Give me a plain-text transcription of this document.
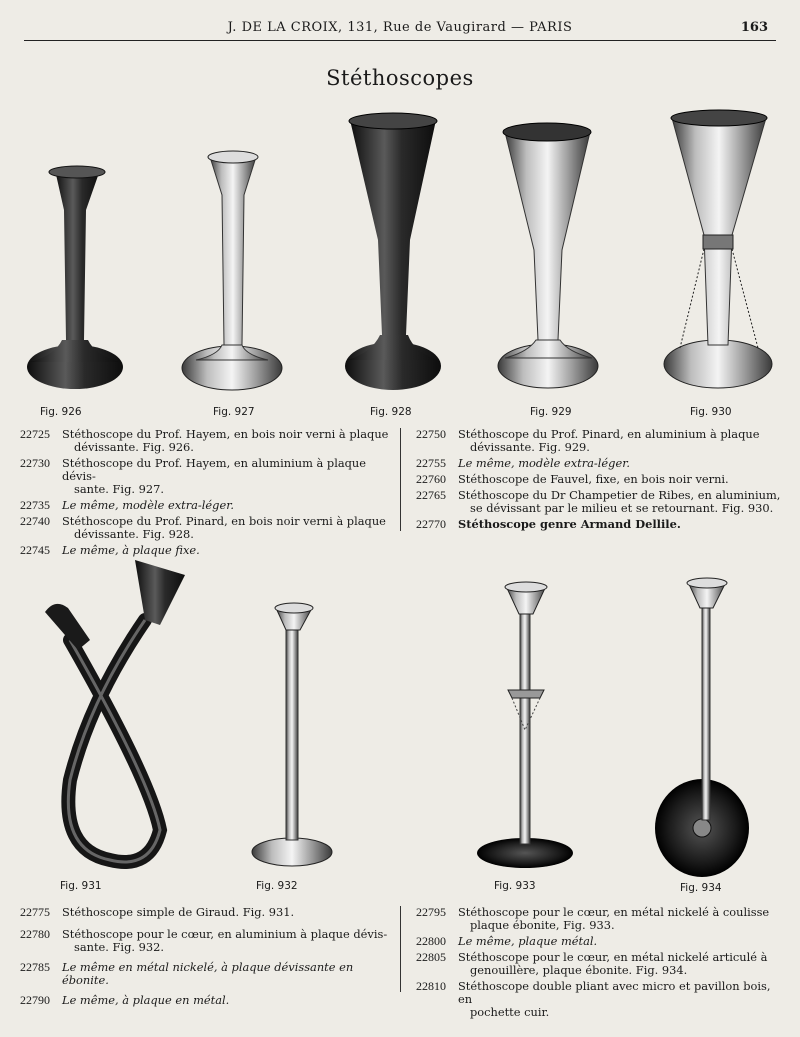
J. DE LA CROIX, 131, Rue de Vaugirard — PARIS	163
Stéthoscopes
Fig. 926	Fig. 927	Fig. 928	Fig. 929	Fig. 930
Fig. 931	Fig. 932	Fig. 933	Fig. 934
22725	Stéthoscope du Prof. Hayem, en bois noir verni à plaque
dévissante. Fig. 926.
22730	Stéthoscope du Prof. Hayem, en aluminium à plaque dévis-
sante. Fig. 927.
22735	Le même, modèle extra-léger.
22740	Stéthoscope du Prof. Pinard, en bois noir verni à plaque
dévissante. Fig. 928.
22745	Le même, à plaque fixe.
22750	Stéthoscope du Prof. Pinard, en aluminium à plaque
dévissante. Fig. 929.
22755	Le même, modèle extra-léger.
22760	Stéthoscope de Fauvel, fixe, en bois noir verni.
22765	Stéthoscope du Dr Champetier de Ribes, en aluminium,
se dévissant par le milieu et se retournant. Fig. 930.
22770	Stéthoscope genre Armand Dellile.
22775	Stéthoscope simple de Giraud. Fig. 931.
22780	Stéthoscope pour le cœur, en aluminium à plaque dévis-
sante. Fig. 932.
22785	Le même en métal nickelé, à plaque dévissante en ébonite.
22790	Le même, à plaque en métal.
22795	Stéthoscope pour le cœur, en métal nickelé à coulisse
plaque ébonite, Fig. 933.
22800	Le même, plaque métal.
22805	Stéthoscope pour le cœur, en métal nickelé articulé à
genouillère, plaque ébonite. Fig. 934.
22810	Stéthoscope double pliant avec micro et pavillon bois, en
pochette cuir.
